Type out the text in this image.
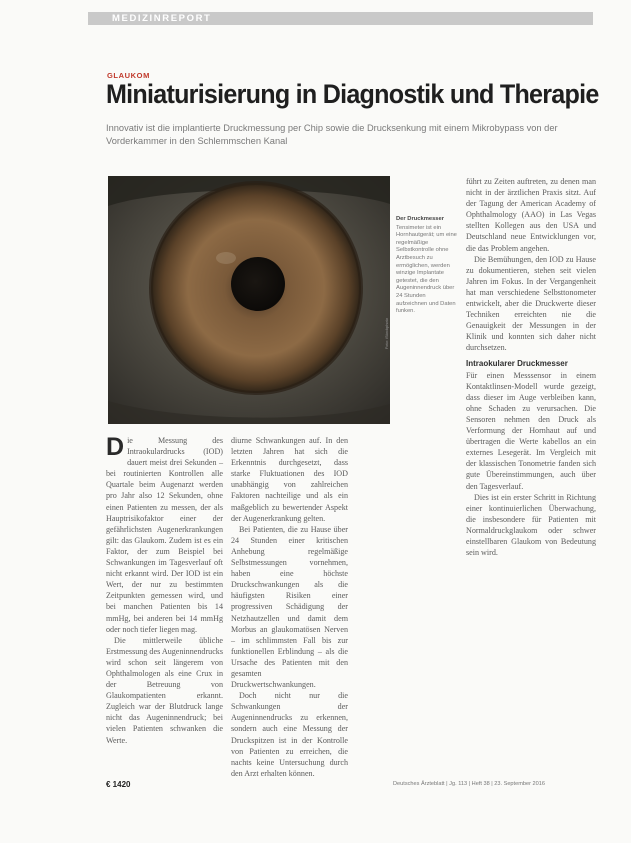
MEDIZINREPORT
GLAUKOM
Miniaturisierung in Diagnostik und Therapie
Innovativ ist die implantierte Druckmessung per Chip sowie die Drucksenkung mit einem Mikrobypass von der Vorderkammer in den Schlemmschen Kanal
Foto: iStockphoto
Der Druckmesser
Tensimeter ist ein Hornhautgerät; um eine regelmäßige Selbstkontrolle ohne Arztbesuch zu ermöglichen, werden winzige Implantate getestet, die den Augeninnendruck über 24 Stunden aufzeichnen und Daten funken.

Die Messung des Intraokulardrucks (IOD) dauert meist drei Sekunden – bei routinierten Kontrollen alle Quartale beim Augenarzt werden pro Jahr also 12 Sekunden, ohne einen Patienten zu messen, der als Hauptrisikofaktor einer der gefährlichsten Augenerkrankungen gilt: das Glaukom. Zudem ist es ein Faktor, der zum Beispiel bei Schwankungen im Tagesverlauf oft nicht erkannt wird. Der IOD ist ein Wert, der nur zu bestimmten Zeitpunkten gemessen wird, und bei manchen Patienten bis 14 mmHg, bei anderen bei 14 mmHg oder noch tiefer liegen mag.

Die mittlerweile übliche Erstmessung des Augeninnendrucks wird schon seit längerem von Ophthalmologen als eine Crux in der Betreuung von Glaukompatienten erkannt. Zugleich war der Blutdruck lange nicht das Augeninnendruck; bei vielen Patienten schwanken die Werte.

diurne Schwankungen auf. In den letzten Jahren hat sich die Erkenntnis durchgesetzt, dass starke Fluktuationen des IOD unabhängig von zahlreichen Faktoren nachteilige und als ein maßgeblich zu bewertender Aspekt der Augenerkrankung gelten.

Bei Patienten, die zu Hause über 24 Stunden einer kritischen Anhebung regelmäßige Selbstmessungen vornehmen, haben eine höchste Druckschwankungen als die häufigsten Risiken einer progressiven Schädigung der Netzhautzellen und damit dem Morbus an glaukomatösen Nerven – im schlimmsten Fall bis zur funktionellen Erblindung – als die Ursache des Patienten mit den gesamten Druckwertschwankungen.

Doch nicht nur die Schwankungen der Augeninnendrucks zu erkennen, sondern auch eine Messung der Druckspitzen ist in der Kontrolle von Patienten zu erreichen, die nachts keine Untersuchung durch den Arzt erhalten können.

führt zu Zeiten auftreten, zu denen man nicht in der ärztlichen Praxis sitzt. Auf der Tagung der American Academy of Ophthalmology (AAO) in Las Vegas stellten Kollegen aus den USA und Deutschland neue Entwicklungen vor, die das Problem angehen.

Die Bemühungen, den IOD zu Hause zu dokumentieren, stehen seit vielen Jahren im Fokus. In der Vergangenheit hat man verschiedene Selbsttonometer entwickelt, aber die Druckwerte dieser Techniken erreichten nie die Genauigkeit der Messungen in der Klinik und konnten sich daher nicht durchsetzen.

Intraokularer Druckmesser

Für einen Messsensor in einem Kontaktlinsen-Modell wurde gezeigt, dass dieser im Auge verbleiben kann, ohne Schaden zu verursachen. Die Sensoren nehmen den Druck als Verformung der Hornhaut auf und übertragen die Werte kabellos an ein externes Lesegerät. Im Vergleich mit der klassischen Tonometrie fanden sich gute Übereinstimmungen, auch über den Tagesverlauf.

Dies ist ein erster Schritt in Richtung einer kontinuierlichen Überwachung, die insbesondere für Patienten mit Normaldruckglaukom oder schwer einstellbaren Glaukom von Bedeutung sein wird.

€ 1420	Deutsches Ärzteblatt | Jg. 113 | Heft 38 | 23. September 2016
